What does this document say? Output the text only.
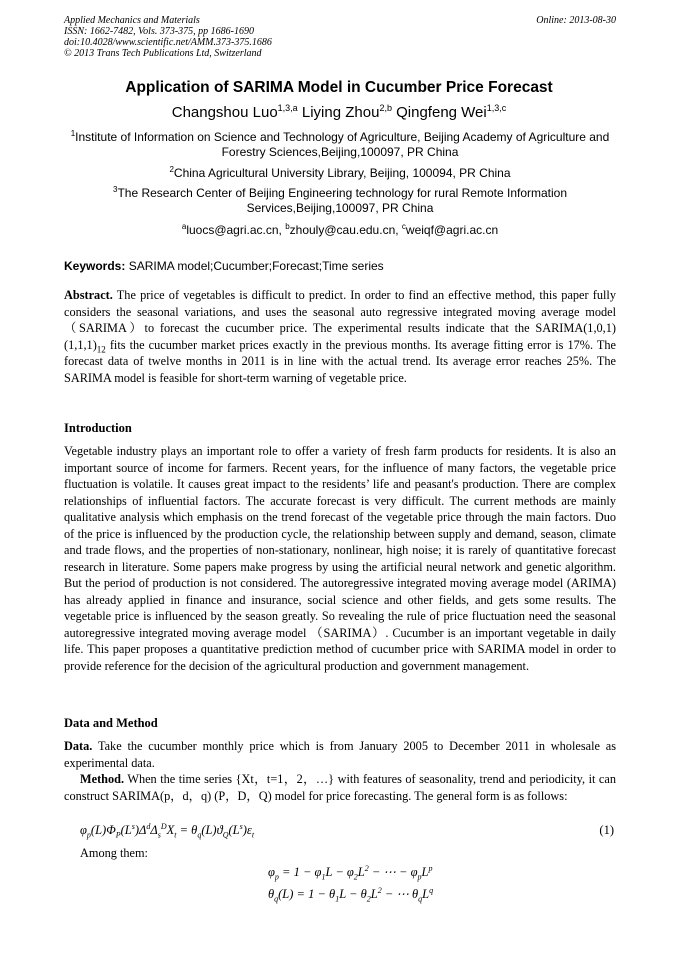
Applied Mechanics and Materials
ISSN: 1662-7482, Vols. 373-375, pp 1686-1690
doi:10.4028/www.scientific.net/AMM.373-375.1686
© 2013 Trans Tech Publications Ltd, Switzerland
Online: 2013-08-30
Application of SARIMA Model in Cucumber Price Forecast
Changshou Luo$^{1,3,a}$ Liying Zhou$^{2,b}$ Qingfeng Wei$^{1,3,c}$
$^1$Institute of Information on Science and Technology of Agriculture, Beijing Academy of Agriculture and Forestry Sciences,Beijing,100097, PR China
$^2$China Agricultural University Library, Beijing, 100094, PR China
$^3$The Research Center of Beijing Engineering technology for rural Remote Information Services,Beijing,100097, PR China
$^a$luocs@agri.ac.cn, $^b$zhouly@cau.edu.cn, $^c$weiqf@agri.ac.cn
Keywords: SARIMA model;Cucumber;Forecast;Time series
Abstract. The price of vegetables is difficult to predict. In order to find an effective method, this paper fully considers the seasonal variations, and uses the seasonal auto regressive integrated moving average model（SARIMA）to forecast the cucumber price. The experimental results indicate that the $SARIMA(1,0,1)(1,1,1)_{12}$ fits the cucumber market prices exactly in the previous months. Its average fitting error is 17%. The forecast data of twelve months in 2011 is in line with the actual trend. Its average error reaches 25%. The SARIMA model is feasible for short-term warning of vegetable price.
Introduction
Vegetable industry plays an important role to offer a variety of fresh farm products for residents. It is also an important source of income for farmers. Recent years, for the influence of many factors, the vegetable price fluctuation is volatile. It causes great impact to the residents’ life and peasant's production. There are complex relationships of influential factors. The accurate forecast is very difficult. The current methods are mainly qualitative analysis which emphasis on the trend forecast of the vegetable price through the main factors. Duo of the price is influenced by the production cycle, the relationship between supply and demand, season, climate and trade flows, and the properties of non-stationary, nonlinear, high noise; it is rarely of quantitative forecast research in literature. Some papers make progress by using the artificial neural network and genetic algorithm. But the period of production is not considered. The autoregressive integrated moving average model (ARIMA) has already applied in finance and insurance, social science and other fields, and gets some results. The vegetable price is influenced by the season greatly. So revealing the rule of price fluctuation need the seasonal autoregressive integrated moving average model （SARIMA）. Cucumber is an important vegetable in daily life. This paper proposes a quantitative prediction method of cucumber price with SARIMA model in order to provide reference for the decision of the agricultural production and government management.
Data and Method
Data. Take the cucumber monthly price which is from January 2005 to December 2011 in wholesale as experimental data.
Method. When the time series {Xt，t=1，2，…} with features of seasonality, trend and periodicity, it can construct SARIMA(p，d，q) (P，D，Q) model for price forecasting. The general form is as follows:
$\varphi_p(L)\Phi_P(L^s)\Delta^d\Delta_s^DX_t = \theta_q(L)ϑ_Q(L^s)\varepsilon_t$	(1)
Among them:
$\varphi_p = 1 - \varphi_1L - \varphi_2L^2$ − ⋯ − $\varphi_pL^p$
$\theta_q(L) = 1 - \theta_1L - \theta_2L^2$ − ⋯ $\theta_qL^q$
